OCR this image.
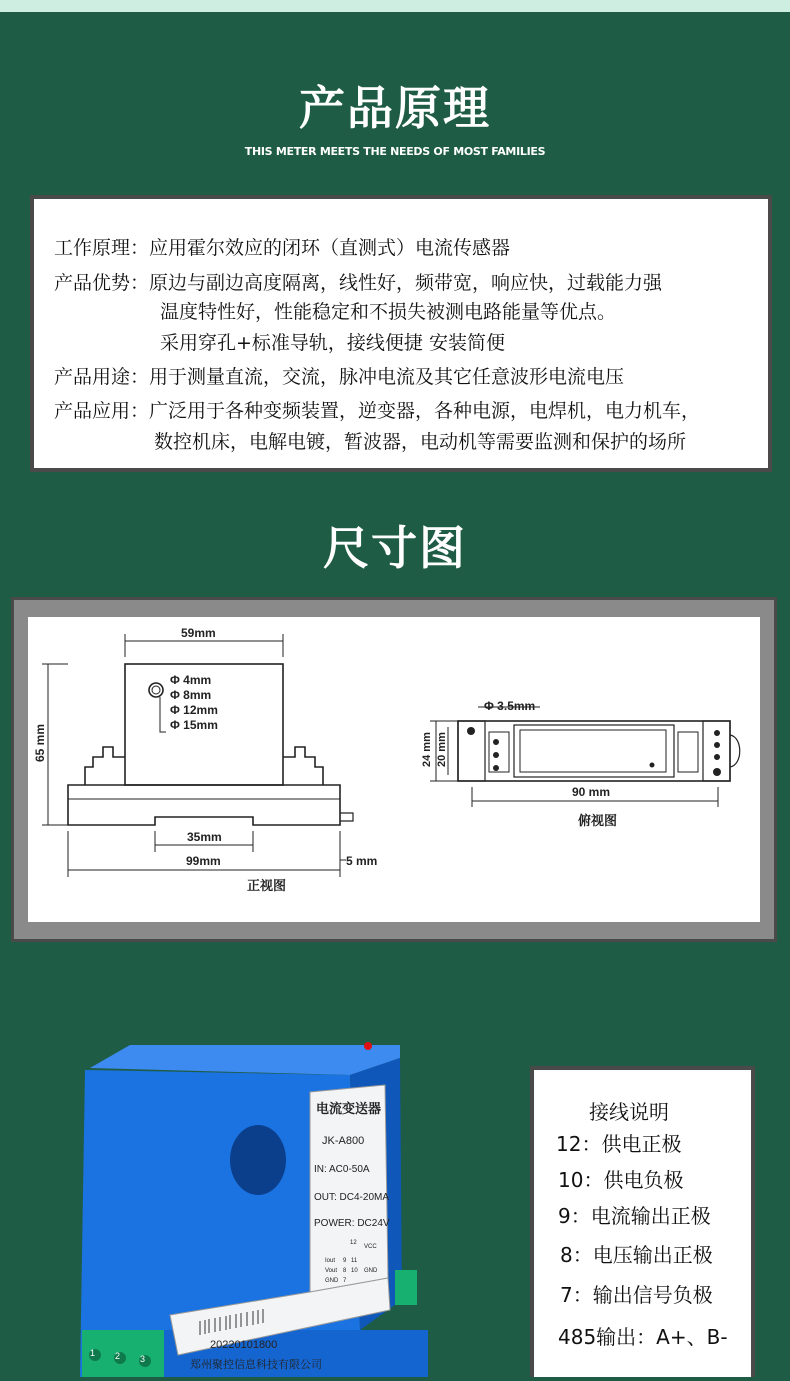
产品原理
THIS METER MEETS THE NEEDS OF MOST FAMILIES
工作原理：应用霍尔效应的闭环（直测式）电流传感器
产品优势：原边与副边高度隔离，线性好，频带宽，响应快，过载能力强
温度特性好，性能稳定和不损失被测电路能量等优点。
采用穿孔+标准导轨，接线便捷 安装简便
产品用途：用于测量直流，交流，脉冲电流及其它任意波形电流电压
产品应用：广泛用于各种变频装置，逆变器，各种电源，电焊机，电力机车，
数控机床，电解电镀，暂波器，电动机等需要监测和保护的场所
尺寸图
59mm
65 mm
Φ 4mm
Φ 8mm
Φ 12mm
Φ 15mm
35mm
99mm	5 mm
正视图
Φ 3.5mm
24 mm 20 mm
90 mm
俯视图
电流变送器
JK-A800
IN: AC0-50A
OUT: DC4-20MA
POWER: DC24V
20220101800
郑州聚控信息科技有限公司
Iout
Vout
GND
VCC
GND
12
9 11
8 10
7
1 2 3
接线说明
12：供电正极
10：供电负极
9：电流输出正极
8：电压输出正极
7：输出信号负极
485输出：A+、B-
